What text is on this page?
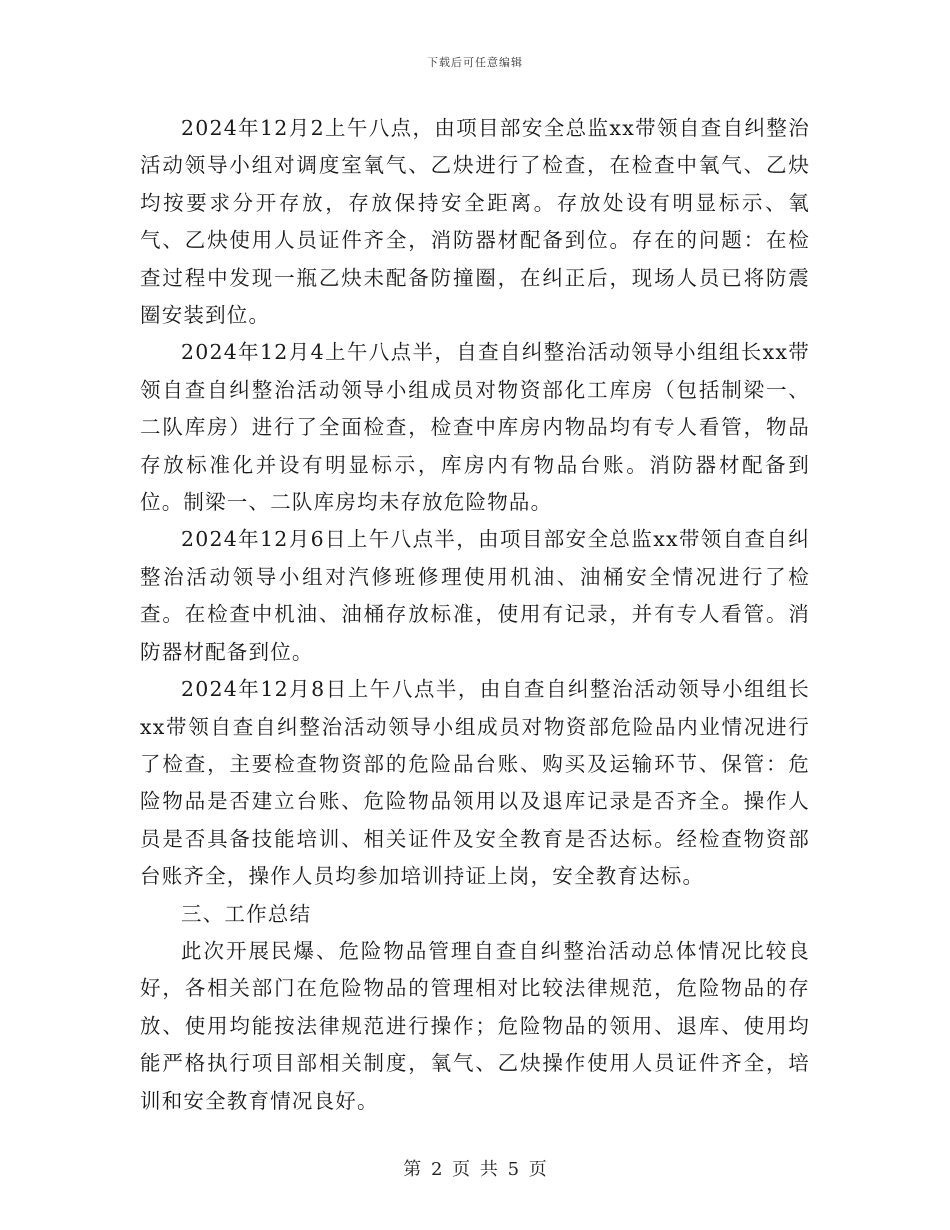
下载后可任意编辑

2024年12月2上午八点，由项目部安全总监xx带领自查自纠整治活动领导小组对调度室氧气、乙炔进行了检查，在检查中氧气、乙炔均按要求分开存放，存放保持安全距离。存放处设有明显标示、氧气、乙炔使用人员证件齐全，消防器材配备到位。存在的问题：在检查过程中发现一瓶乙炔未配备防撞圈，在纠正后，现场人员已将防震圈安装到位。

2024年12月4上午八点半，自查自纠整治活动领导小组组长xx带领自查自纠整治活动领导小组成员对物资部化工库房（包括制梁一、二队库房）进行了全面检查，检查中库房内物品均有专人看管，物品存放标准化并设有明显标示，库房内有物品台账。消防器材配备到位。制梁一、二队库房均未存放危险物品。

2024年12月6日上午八点半，由项目部安全总监xx带领自查自纠整治活动领导小组对汽修班修理使用机油、油桶安全情况进行了检查。在检查中机油、油桶存放标准，使用有记录，并有专人看管。消防器材配备到位。

2024年12月8日上午八点半，由自查自纠整治活动领导小组组长xx带领自查自纠整治活动领导小组成员对物资部危险品内业情况进行了检查，主要检查物资部的危险品台账、购买及运输环节、保管：危险物品是否建立台账、危险物品领用以及退库记录是否齐全。操作人员是否具备技能培训、相关证件及安全教育是否达标。经检查物资部台账齐全，操作人员均参加培训持证上岗，安全教育达标。

三、工作总结

此次开展民爆、危险物品管理自查自纠整治活动总体情况比较良好，各相关部门在危险物品的管理相对比较法律规范，危险物品的存放、使用均能按法律规范进行操作；危险物品的领用、退库、使用均能严格执行项目部相关制度，氧气、乙炔操作使用人员证件齐全，培训和安全教育情况良好。

第 2 页 共 5 页
